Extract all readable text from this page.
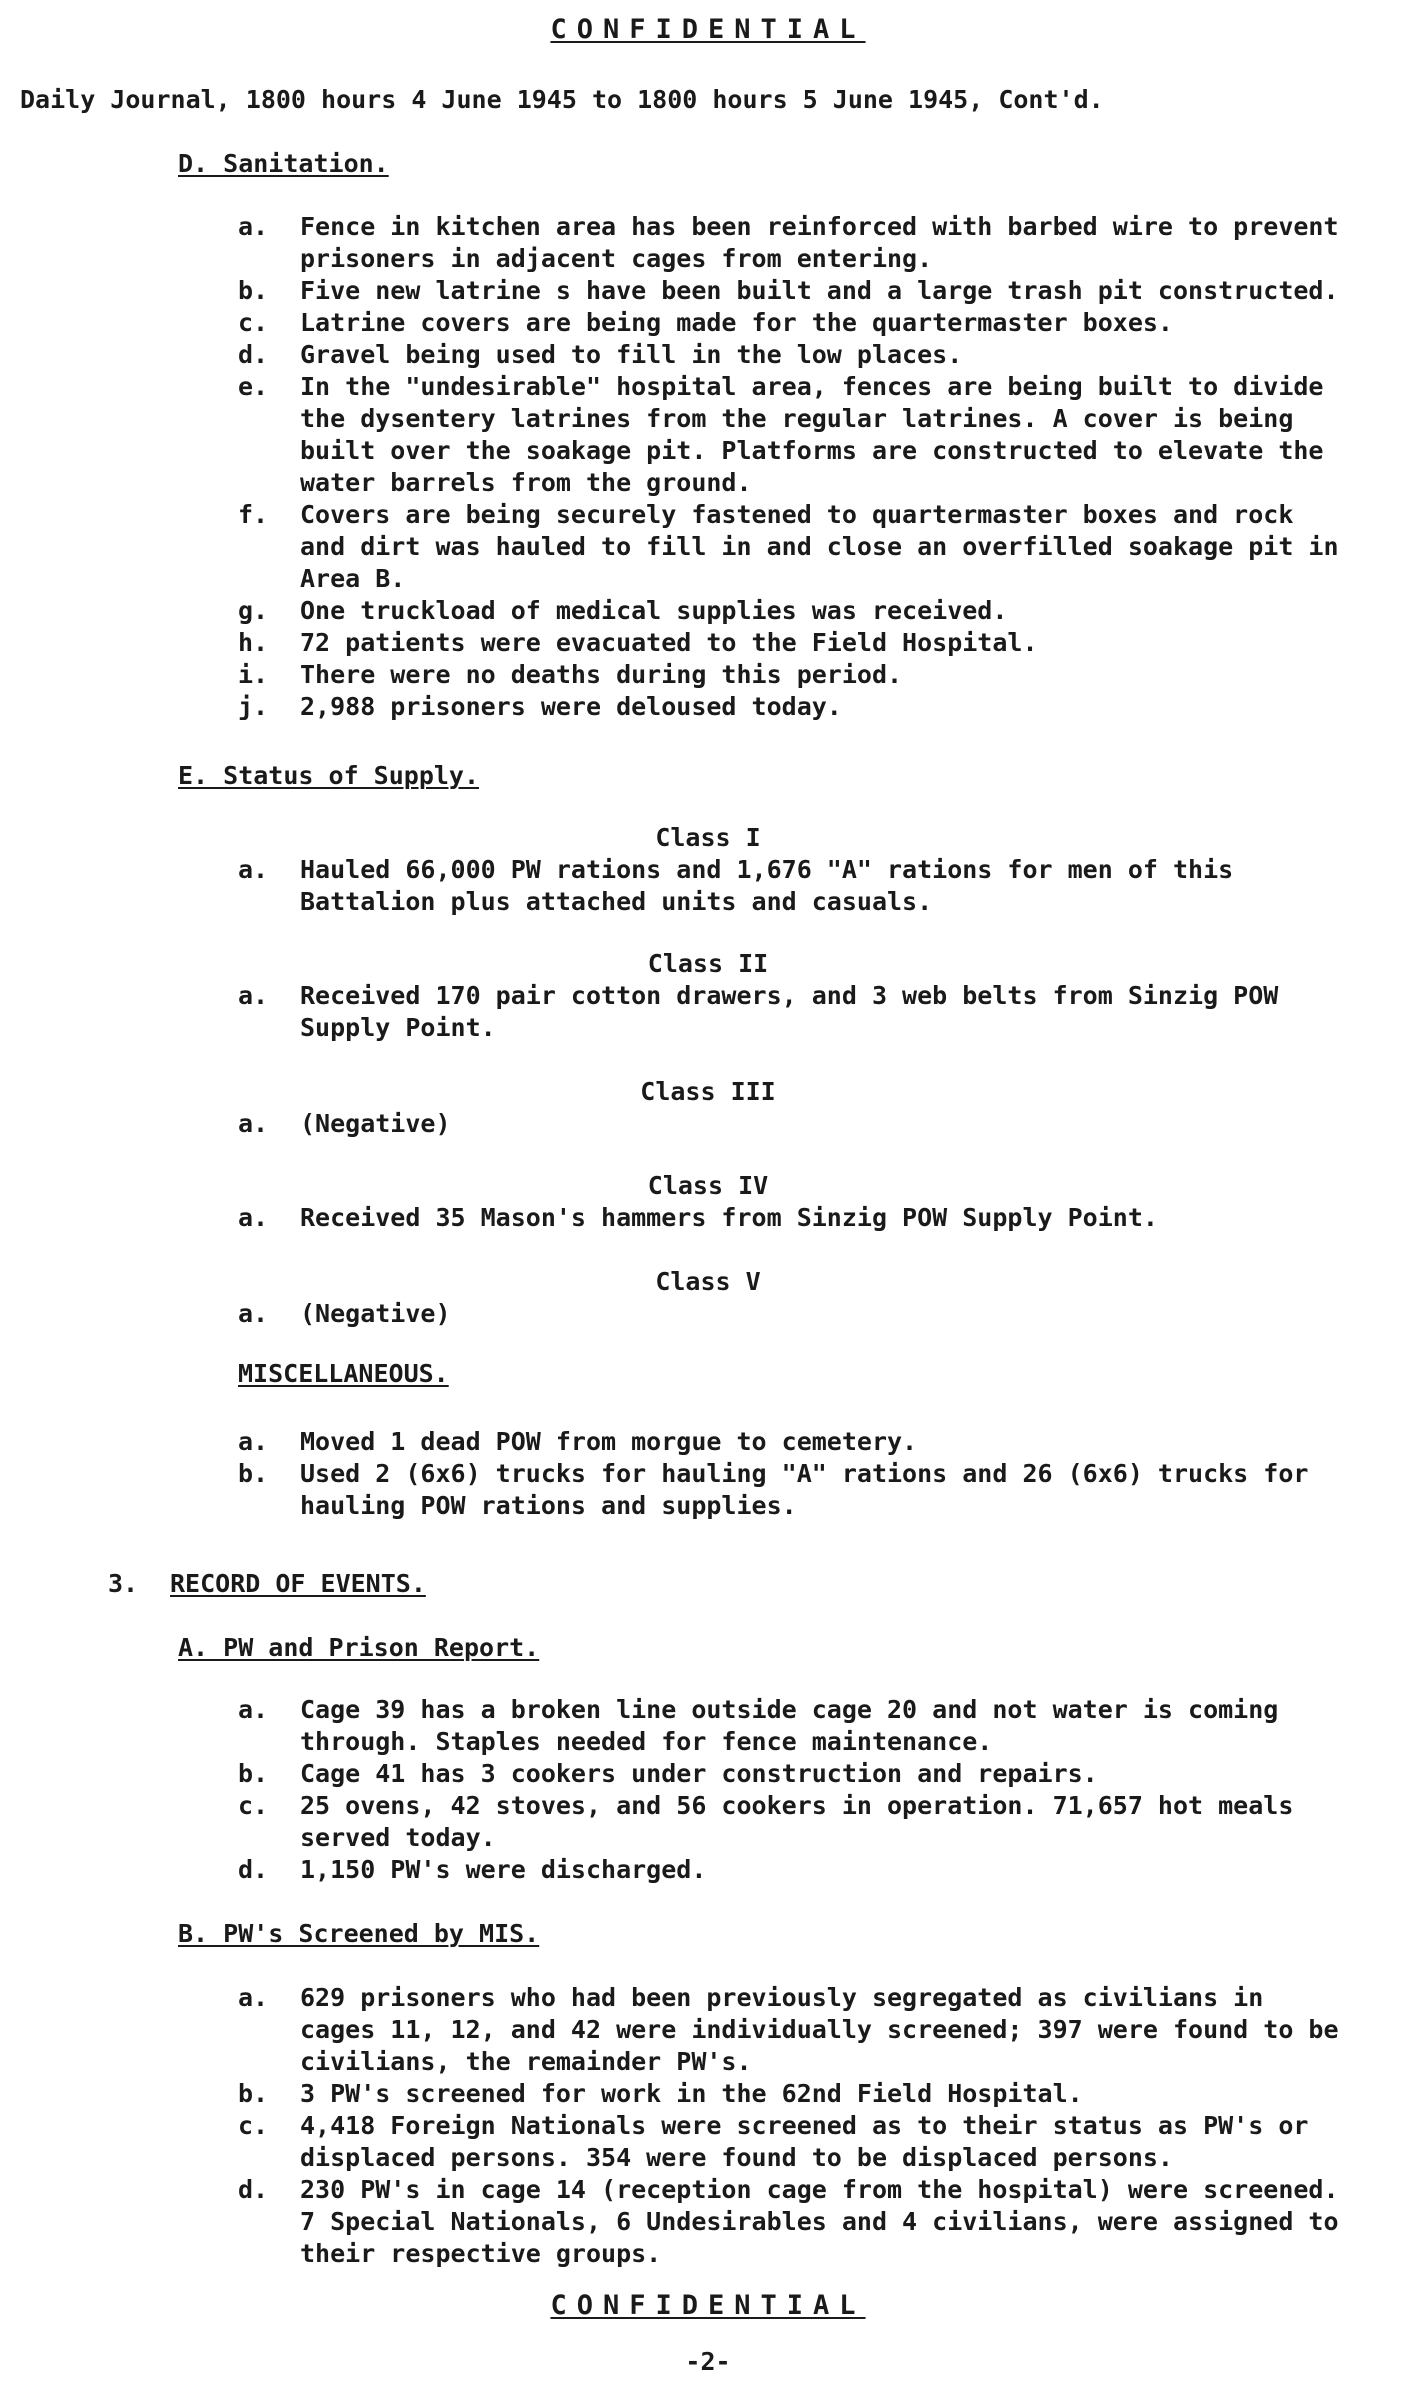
CONFIDENTIAL
Daily Journal, 1800 hours 4 June 1945 to 1800 hours 5 June 1945, Cont'd.
D. Sanitation.
a.	Fence in kitchen area has been reinforced with barbed wire to prevent prisoners in adjacent cages from entering.
b.	Five new latrine s have been built and a large trash pit constructed.
c.	Latrine covers are being made for the quartermaster boxes.
d.	Gravel being used to fill in the low places.
e.	In the "undesirable" hospital area, fences are being built to divide the dysentery latrines from the regular latrines. A cover is being built over the soakage pit. Platforms are constructed to elevate the water barrels from the ground.
f.	Covers are being securely fastened to quartermaster boxes and rock and dirt was hauled to fill in and close an overfilled soakage pit in Area B.
g.	One truckload of medical supplies was received.
h.	72 patients were evacuated to the Field Hospital.
i.	There were no deaths during this period.
j.	2,988 prisoners were deloused today.
E. Status of Supply.
Class I
a.	Hauled 66,000 PW rations and 1,676 "A" rations for men of this Battalion plus attached units and casuals.
Class II
a.	Received 170 pair cotton drawers, and 3 web belts from Sinzig POW Supply Point.
Class III
a.	(Negative)
Class IV
a.	Received 35 Mason's hammers from Sinzig POW Supply Point.
Class V
a.	(Negative)
MISCELLANEOUS.
a.	Moved 1 dead POW from morgue to cemetery.
b.	Used 2 (6x6) trucks for hauling "A" rations and 26 (6x6) trucks for hauling POW rations and supplies.
3. RECORD OF EVENTS.
A. PW and Prison Report.
a.	Cage 39 has a broken line outside cage 20 and not water is coming through. Staples needed for fence maintenance.
b.	Cage 41 has 3 cookers under construction and repairs.
c.	25 ovens, 42 stoves, and 56 cookers in operation. 71,657 hot meals served today.
d.	1,150 PW's were discharged.
B. PW's Screened by MIS.
a.	629 prisoners who had been previously segregated as civilians in cages 11, 12, and 42 were individually screened; 397 were found to be civilians, the remainder PW's.
b.	3 PW's screened for work in the 62nd Field Hospital.
c.	4,418 Foreign Nationals were screened as to their status as PW's or displaced persons. 354 were found to be displaced persons.
d.	230 PW's in cage 14 (reception cage from the hospital) were screened. 7 Special Nationals, 6 Undesirables and 4 civilians, were assigned to their respective groups.
CONFIDENTIAL
-2-
